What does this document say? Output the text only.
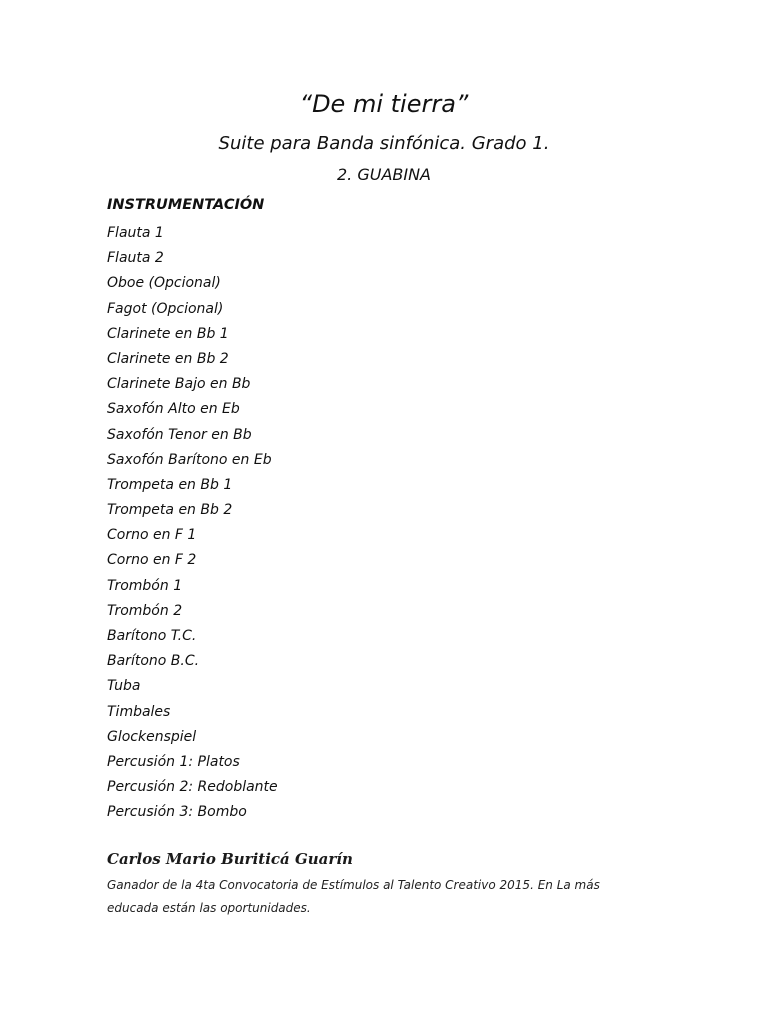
“De mi tierra”
Suite para Banda sinfónica. Grado 1.
2. GUABINA
INSTRUMENTACIÓN
Flauta 1
Flauta 2
Oboe (Opcional)
Fagot (Opcional)
Clarinete en Bb 1
Clarinete en Bb 2
Clarinete Bajo en Bb
Saxofón Alto en Eb
Saxofón Tenor en Bb
Saxofón Barítono en Eb
Trompeta en Bb 1
Trompeta en Bb 2
Corno en F 1
Corno en F 2
Trombón 1
Trombón 2
Barítono T.C.
Barítono B.C.
Tuba
Timbales
Glockenspiel
Percusión 1: Platos
Percusión 2: Redoblante
Percusión 3: Bombo

Carlos Mario Buriticá Guarín

Ganador de la 4ta Convocatoria de Estímulos al Talento Creativo 2015. En La más educada están las oportunidades.
